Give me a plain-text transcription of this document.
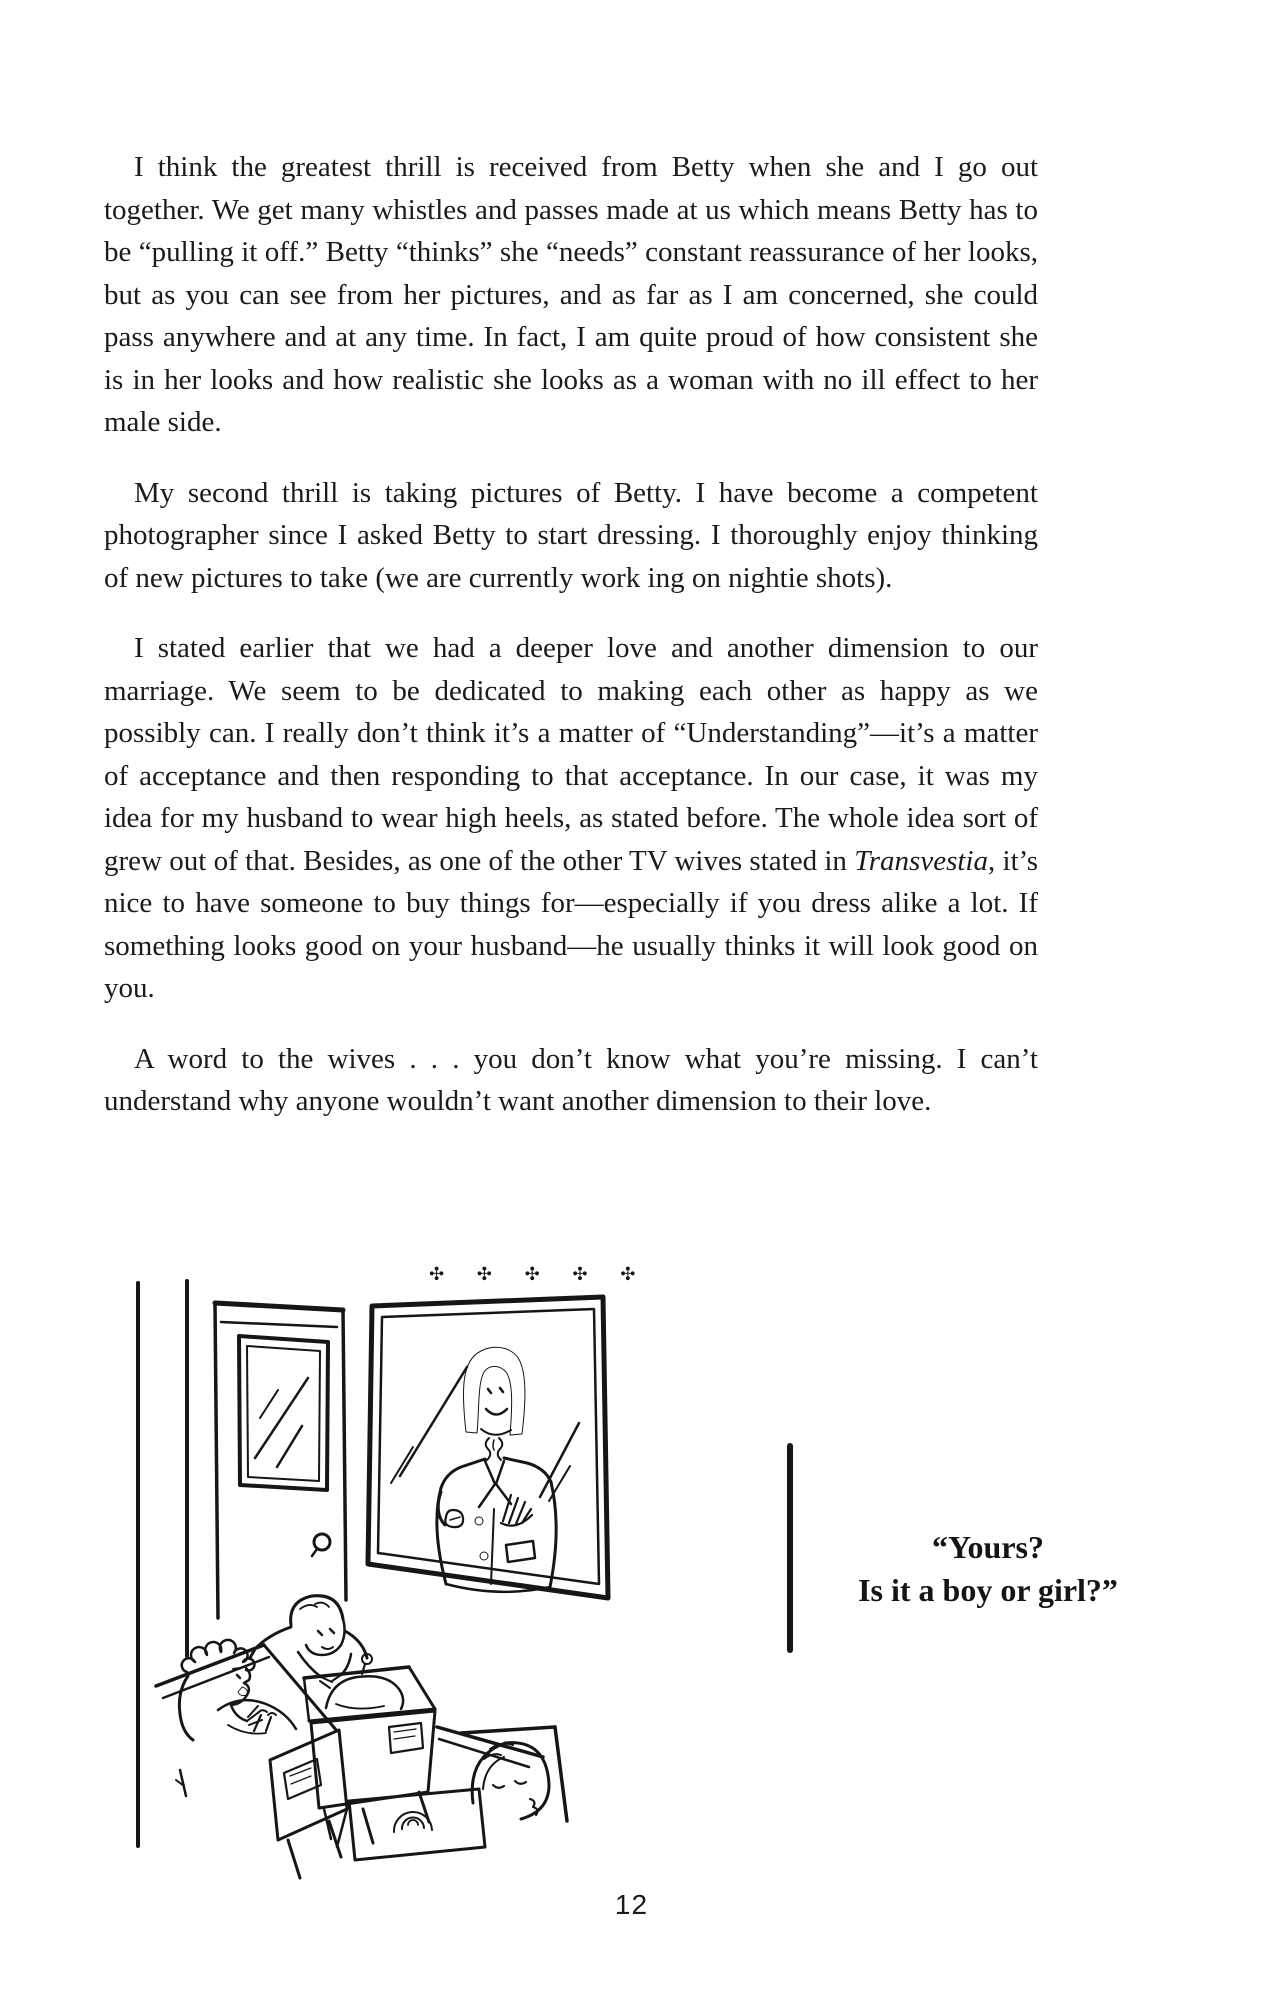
I think the greatest thrill is received from Betty when she and I go out together. We get many whistles and passes made at us which means Betty has to be “pulling it off.” Betty “thinks” she “needs” constant reassurance of her looks, but as you can see from her pictures, and as far as I am concerned, she could pass anywhere and at any time. In fact, I am quite proud of how consistent she is in her looks and how realistic she looks as a woman with no ill effect to her male side.

My second thrill is taking pictures of Betty. I have become a competent photographer since I asked Betty to start dressing. I thoroughly enjoy thinking of new pictures to take (we are currently work ing on nightie shots).

I stated earlier that we had a deeper love and another dimension to our marriage. We seem to be dedicated to making each other as happy as we possibly can. I really don’t think it’s a matter of “Understanding”—it’s a matter of acceptance and then responding to that acceptance. In our case, it was my idea for my husband to wear high heels, as stated before. The whole idea sort of grew out of that. Besides, as one of the other TV wives stated in Transvestia, it’s nice to have someone to buy things for—especially if you dress alike a lot. If something looks good on your husband—he usually thinks it will look good on you.

A word to the wives . . . you don’t know what you’re missing. I can’t understand why anyone wouldn’t want another dimension to their love.

✣ ✣ ✣ ✣ ✣
“Yours?
Is it a boy or girl?”
12
